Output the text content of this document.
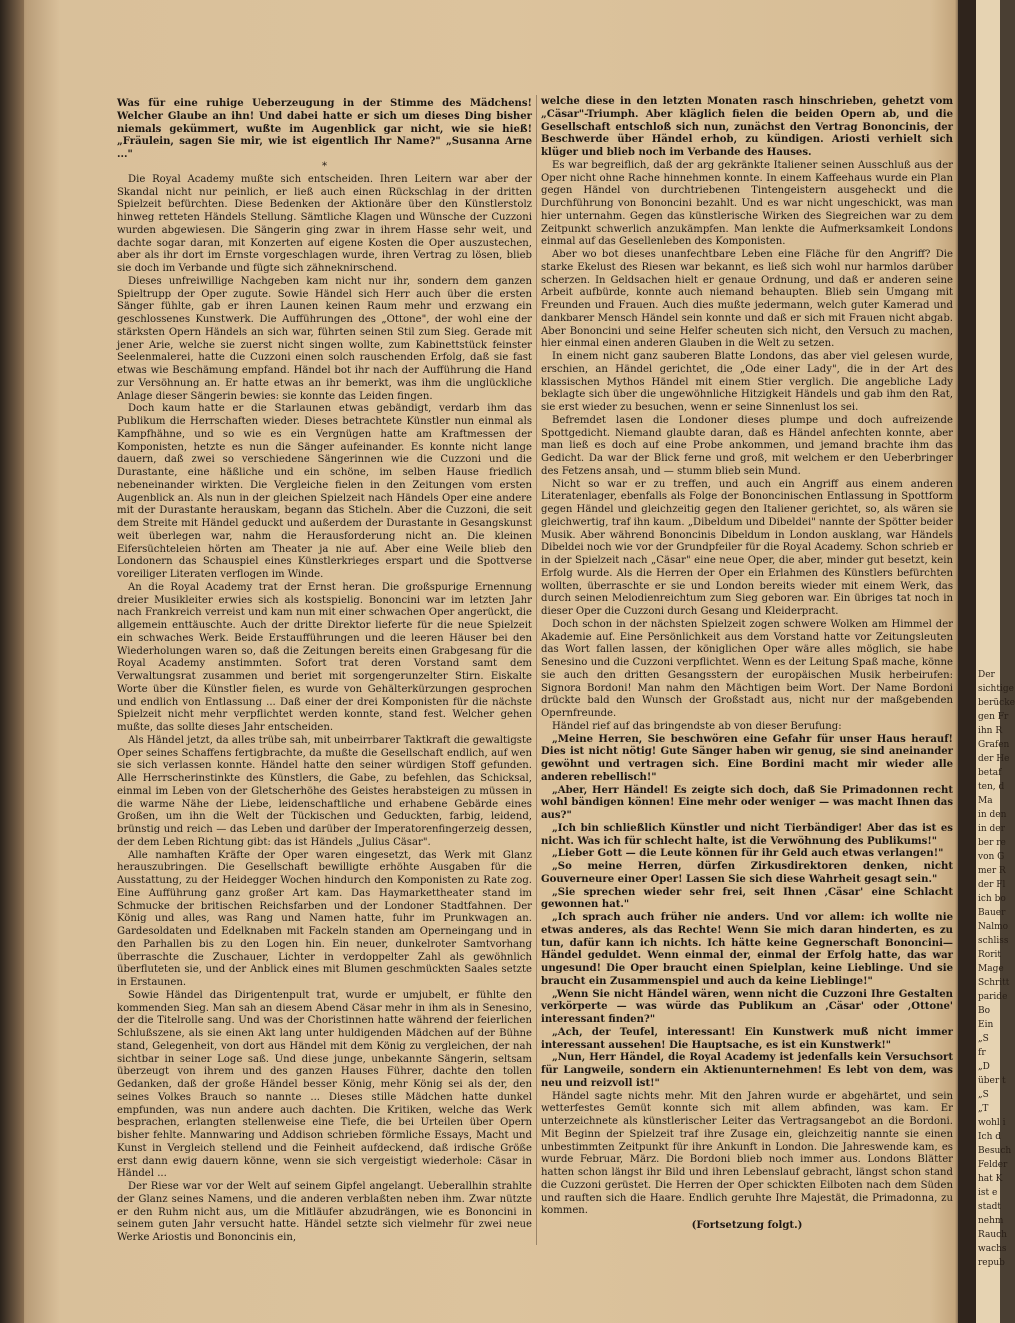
Der
sichtige
berücke
gen Fr
ihn R
Grafen
der He
betaf
ten, d
Ma
in den
in der
ber re
von G
mer R
der Fl
ich bo
Bauer
Nalmo
schliss
Rorit
Mage
Schritt
paride
Bo
Ein
„S
fr
„D
über t
„S
„T
wohl i
Ich d
Besuch
Felder
hat K
ist e
stadt
nehm
Rauch
wachs
repub

Was für eine ruhige Ueberzeugung in der Stimme des Mädchens! Welcher Glaube an ihn! Und dabei hatte er sich um dieses Ding bisher niemals gekümmert, wußte im Augenblick gar nicht, wie sie hieß! „Fräulein, sagen Sie mir, wie ist eigentlich Ihr Name?" „Susanna Arne ..."

*

Die Royal Academy mußte sich entscheiden. Ihren Leitern war aber der Skandal nicht nur peinlich, er ließ auch einen Rückschlag in der dritten Spielzeit befürchten. Diese Bedenken der Aktionäre über den Künstlerstolz hinweg retteten Händels Stellung. Sämtliche Klagen und Wünsche der Cuzzoni wurden abgewiesen. Die Sängerin ging zwar in ihrem Hasse sehr weit, und dachte sogar daran, mit Konzerten auf eigene Kosten die Oper auszustechen, aber als ihr dort im Ernste vorgeschlagen wurde, ihren Vertrag zu lösen, blieb sie doch im Verbande und fügte sich zähneknirschend.

Dieses unfreiwillige Nachgeben kam nicht nur ihr, sondern dem ganzen Spieltrupp der Oper zugute. Sowie Händel sich Herr auch über die ersten Sänger fühlte, gab er ihren Launen keinen Raum mehr und erzwang ein geschlossenes Kunstwerk. Die Aufführungen des „Ottone", der wohl eine der stärksten Opern Händels an sich war, führten seinen Stil zum Sieg. Gerade mit jener Arie, welche sie zuerst nicht singen wollte, zum Kabinettstück feinster Seelenmalerei, hatte die Cuzzoni einen solch rauschenden Erfolg, daß sie fast etwas wie Beschämung empfand. Händel bot ihr nach der Aufführung die Hand zur Versöhnung an. Er hatte etwas an ihr bemerkt, was ihm die unglückliche Anlage dieser Sängerin bewies: sie konnte das Leiden fingen.

Doch kaum hatte er die Starlaunen etwas gebändigt, verdarb ihm das Publikum die Herrschaften wieder. Dieses betrachtete Künstler nun einmal als Kampfhähne, und so wie es ein Vergnügen hatte am Kraftmessen der Komponisten, hetzte es nun die Sänger aufeinander. Es konnte nicht lange dauern, daß zwei so verschiedene Sängerinnen wie die Cuzzoni und die Durastante, eine häßliche und ein schöne, im selben Hause friedlich nebeneinander wirkten. Die Vergleiche fielen in den Zeitungen vom ersten Augenblick an. Als nun in der gleichen Spielzeit nach Händels Oper eine andere mit der Durastante herauskam, begann das Sticheln. Aber die Cuzzoni, die seit dem Streite mit Händel geduckt und außerdem der Durastante in Gesangskunst weit überlegen war, nahm die Herausforderung nicht an. Die kleinen Eifersüchteleien hörten am Theater ja nie auf. Aber eine Weile blieb den Londonern das Schauspiel eines Künstlerkrieges erspart und die Spottverse voreiliger Literaten verflogen im Winde.

An die Royal Academy trat der Ernst heran. Die großspurige Ernennung dreier Musikleiter erwies sich als kostspielig. Bononcini war im letzten Jahr nach Frankreich verreist und kam nun mit einer schwachen Oper angerückt, die allgemein enttäuschte. Auch der dritte Direktor lieferte für die neue Spielzeit ein schwaches Werk. Beide Erstaufführungen und die leeren Häuser bei den Wiederholungen waren so, daß die Zeitungen bereits einen Grabgesang für die Royal Academy anstimmten. Sofort trat deren Vorstand samt dem Verwaltungsrat zusammen und beriet mit sorgengerunzelter Stirn. Eiskalte Worte über die Künstler fielen, es wurde von Gehälterkürzungen gesprochen und endlich von Entlassung ... Daß einer der drei Komponisten für die nächste Spielzeit nicht mehr verpflichtet werden konnte, stand fest. Welcher gehen mußte, das sollte dieses Jahr entscheiden.

Als Händel jetzt, da alles trübe sah, mit unbeirrbarer Taktkraft die gewaltigste Oper seines Schaffens fertigbrachte, da mußte die Gesellschaft endlich, auf wen sie sich verlassen konnte. Händel hatte den seiner würdigen Stoff gefunden. Alle Herrscherinstinkte des Künstlers, die Gabe, zu befehlen, das Schicksal, einmal im Leben von der Gletscherhöhe des Geistes herabsteigen zu müssen in die warme Nähe der Liebe, leidenschaftliche und erhabene Gebärde eines Großen, um ihn die Welt der Tückischen und Geduckten, farbig, leidend, brünstig und reich — das Leben und darüber der Imperatorenfingerzeig dessen, der dem Leben Richtung gibt: das ist Händels „Julius Cäsar".

Alle namhaften Kräfte der Oper waren eingesetzt, das Werk mit Glanz herauszubringen. Die Gesellschaft bewilligte erhöhte Ausgaben für die Ausstattung, zu der Heidegger Wochen hindurch den Komponisten zu Rate zog. Eine Aufführung ganz großer Art kam. Das Haymarkettheater stand im Schmucke der britischen Reichsfarben und der Londoner Stadtfahnen. Der König und alles, was Rang und Namen hatte, fuhr im Prunkwagen an. Gardesoldaten und Edelknaben mit Fackeln standen am Operneingang und in den Parhallen bis zu den Logen hin. Ein neuer, dunkelroter Samtvorhang überraschte die Zuschauer, Lichter in verdoppelter Zahl als gewöhnlich überfluteten sie, und der Anblick eines mit Blumen geschmückten Saales setzte in Erstaunen.

Sowie Händel das Dirigentenpult trat, wurde er umjubelt, er fühlte den kommenden Sieg. Man sah an diesem Abend Cäsar mehr in ihm als in Senesino, der die Titelrolle sang. Und was der Choristinnen hatte während der feierlichen Schlußszene, als sie einen Akt lang unter huldigenden Mädchen auf der Bühne stand, Gelegenheit, von dort aus Händel mit dem König zu vergleichen, der nah sichtbar in seiner Loge saß. Und diese junge, unbekannte Sängerin, seltsam überzeugt von ihrem und des ganzen Hauses Führer, dachte den tollen Gedanken, daß der große Händel besser König, mehr König sei als der, den seines Volkes Brauch so nannte ... Dieses stille Mädchen hatte dunkel empfunden, was nun andere auch dachten. Die Kritiken, welche das Werk besprachen, erlangten stellenweise eine Tiefe, die bei Urteilen über Opern bisher fehlte. Mannwaring und Addison schrieben förmliche Essays, Macht und Kunst in Vergleich stellend und die Feinheit aufdeckend, daß irdische Größe erst dann ewig dauern könne, wenn sie sich vergeistigt wiederhole: Cäsar in Händel ...

Der Riese war vor der Welt auf seinem Gipfel angelangt. Ueberallhin strahlte der Glanz seines Namens, und die anderen verblaßten neben ihm. Zwar nützte er den Ruhm nicht aus, um die Mitläufer abzudrängen, wie es Bononcini in seinem guten Jahr versucht hatte. Händel setzte sich vielmehr für zwei neue Werke Ariostis und Bononcinis ein,

welche diese in den letzten Monaten rasch hinschrieben, gehetzt vom „Cäsar"-Triumph. Aber kläglich fielen die beiden Opern ab, und die Gesellschaft entschloß sich nun, zunächst den Vertrag Bononcinis, der Beschwerde über Händel erhob, zu kündigen. Ariosti verhielt sich klüger und blieb noch im Verbande des Hauses.

Es war begreiflich, daß der arg gekränkte Italiener seinen Ausschluß aus der Oper nicht ohne Rache hinnehmen konnte. In einem Kaffeehaus wurde ein Plan gegen Händel von durchtriebenen Tintengeistern ausgeheckt und die Durchführung von Bononcini bezahlt. Und es war nicht ungeschickt, was man hier unternahm. Gegen das künstlerische Wirken des Siegreichen war zu dem Zeitpunkt schwerlich anzukämpfen. Man lenkte die Aufmerksamkeit Londons einmal auf das Gesellenleben des Komponisten.

Aber wo bot dieses unanfechtbare Leben eine Fläche für den Angriff? Die starke Ekelust des Riesen war bekannt, es ließ sich wohl nur harmlos darüber scherzen. In Geldsachen hielt er genaue Ordnung, und daß er anderen seine Arbeit aufbürde, konnte auch niemand behaupten. Blieb sein Umgang mit Freunden und Frauen. Auch dies mußte jedermann, welch guter Kamerad und dankbarer Mensch Händel sein konnte und daß er sich mit Frauen nicht abgab. Aber Bononcini und seine Helfer scheuten sich nicht, den Versuch zu machen, hier einmal einen anderen Glauben in die Welt zu setzen.

In einem nicht ganz sauberen Blatte Londons, das aber viel gelesen wurde, erschien, an Händel gerichtet, die „Ode einer Lady", die in der Art des klassischen Mythos Händel mit einem Stier verglich. Die angebliche Lady beklagte sich über die ungewöhnliche Hitzigkeit Händels und gab ihm den Rat, sie erst wieder zu besuchen, wenn er seine Sinnenlust los sei.

Befremdet lasen die Londoner dieses plumpe und doch aufreizende Spottgedicht. Niemand glaubte daran, daß es Händel anfechten konnte, aber man ließ es doch auf eine Probe ankommen, und jemand brachte ihm das Gedicht. Da war der Blick ferne und groß, mit welchem er den Ueberbringer des Fetzens ansah, und — stumm blieb sein Mund.

Nicht so war er zu treffen, und auch ein Angriff aus einem anderen Literatenlager, ebenfalls als Folge der Bononcinischen Entlassung in Spottform gegen Händel und gleichzeitig gegen den Italiener gerichtet, so, als wären sie gleichwertig, traf ihn kaum. „Dibeldum und Dibeldei" nannte der Spötter beider Musik. Aber während Bononcinis Dibeldum in London ausklang, war Händels Dibeldei noch wie vor der Grundpfeiler für die Royal Academy. Schon schrieb er in der Spielzeit nach „Cäsar" eine neue Oper, die aber, minder gut besetzt, kein Erfolg wurde. Als die Herren der Oper ein Erlahmen des Künstlers befürchten wollten, überraschte er sie und London bereits wieder mit einem Werk, das durch seinen Melodienreichtum zum Sieg geboren war. Ein übriges tat noch in dieser Oper die Cuzzoni durch Gesang und Kleiderpracht.

Doch schon in der nächsten Spielzeit zogen schwere Wolken am Himmel der Akademie auf. Eine Persönlichkeit aus dem Vorstand hatte vor Zeitungsleuten das Wort fallen lassen, der königlichen Oper wäre alles möglich, sie habe Senesino und die Cuzzoni verpflichtet. Wenn es der Leitung Spaß mache, könne sie auch den dritten Gesangsstern der europäischen Musik herbeirufen: Signora Bordoni! Man nahm den Mächtigen beim Wort. Der Name Bordoni drückte bald den Wunsch der Großstadt aus, nicht nur der maßgebenden Opernfreunde.

Händel rief auf das bringendste ab von dieser Berufung:

„Meine Herren, Sie beschwören eine Gefahr für unser Haus herauf! Dies ist nicht nötig! Gute Sänger haben wir genug, sie sind aneinander gewöhnt und vertragen sich. Eine Bordini macht mir wieder alle anderen rebellisch!"

„Aber, Herr Händel! Es zeigte sich doch, daß Sie Primadonnen recht wohl bändigen können! Eine mehr oder weniger — was macht Ihnen das aus?"

„Ich bin schließlich Künstler und nicht Tierbändiger! Aber das ist es nicht. Was ich für schlecht halte, ist die Verwöhnung des Publikums!"

„Lieber Gott — die Leute können für ihr Geld auch etwas verlangen!"

„So meine Herren, dürfen Zirkusdirektoren denken, nicht Gouverneure einer Oper! Lassen Sie sich diese Wahrheit gesagt sein."

„Sie sprechen wieder sehr frei, seit Ihnen ‚Cäsar' eine Schlacht gewonnen hat."

„Ich sprach auch früher nie anders. Und vor allem: ich wollte nie etwas anderes, als das Rechte! Wenn Sie mich daran hinderten, es zu tun, dafür kann ich nichts. Ich hätte keine Gegnerschaft Bononcini—Händel geduldet. Wenn einmal der, einmal der Erfolg hatte, das war ungesund! Die Oper braucht einen Spielplan, keine Lieblinge. Und sie braucht ein Zusammenspiel und auch da keine Lieblinge!"

„Wenn Sie nicht Händel wären, wenn nicht die Cuzzoni Ihre Gestalten verkörperte — was würde das Publikum an ‚Cäsar' oder ‚Ottone' interessant finden?"

„Ach, der Teufel, interessant! Ein Kunstwerk muß nicht immer interessant aussehen! Die Hauptsache, es ist ein Kunstwerk!"

„Nun, Herr Händel, die Royal Academy ist jedenfalls kein Versuchsort für Langweile, sondern ein Aktienunternehmen! Es lebt von dem, was neu und reizvoll ist!"

Händel sagte nichts mehr. Mit den Jahren wurde er abgehärtet, und sein wetterfestes Gemüt konnte sich mit allem abfinden, was kam. Er unterzeichnete als künstlerischer Leiter das Vertragsangebot an die Bordoni. Mit Beginn der Spielzeit traf ihre Zusage ein, gleichzeitig nannte sie einen unbestimmten Zeitpunkt für ihre Ankunft in London. Die Jahreswende kam, es wurde Februar, März. Die Bordoni blieb noch immer aus. Londons Blätter hatten schon längst ihr Bild und ihren Lebenslauf gebracht, längst schon stand die Cuzzoni gerüstet. Die Herren der Oper schickten Eilboten nach dem Süden und rauften sich die Haare. Endlich geruhte Ihre Majestät, die Primadonna, zu kommen.

(Fortsetzung folgt.)
